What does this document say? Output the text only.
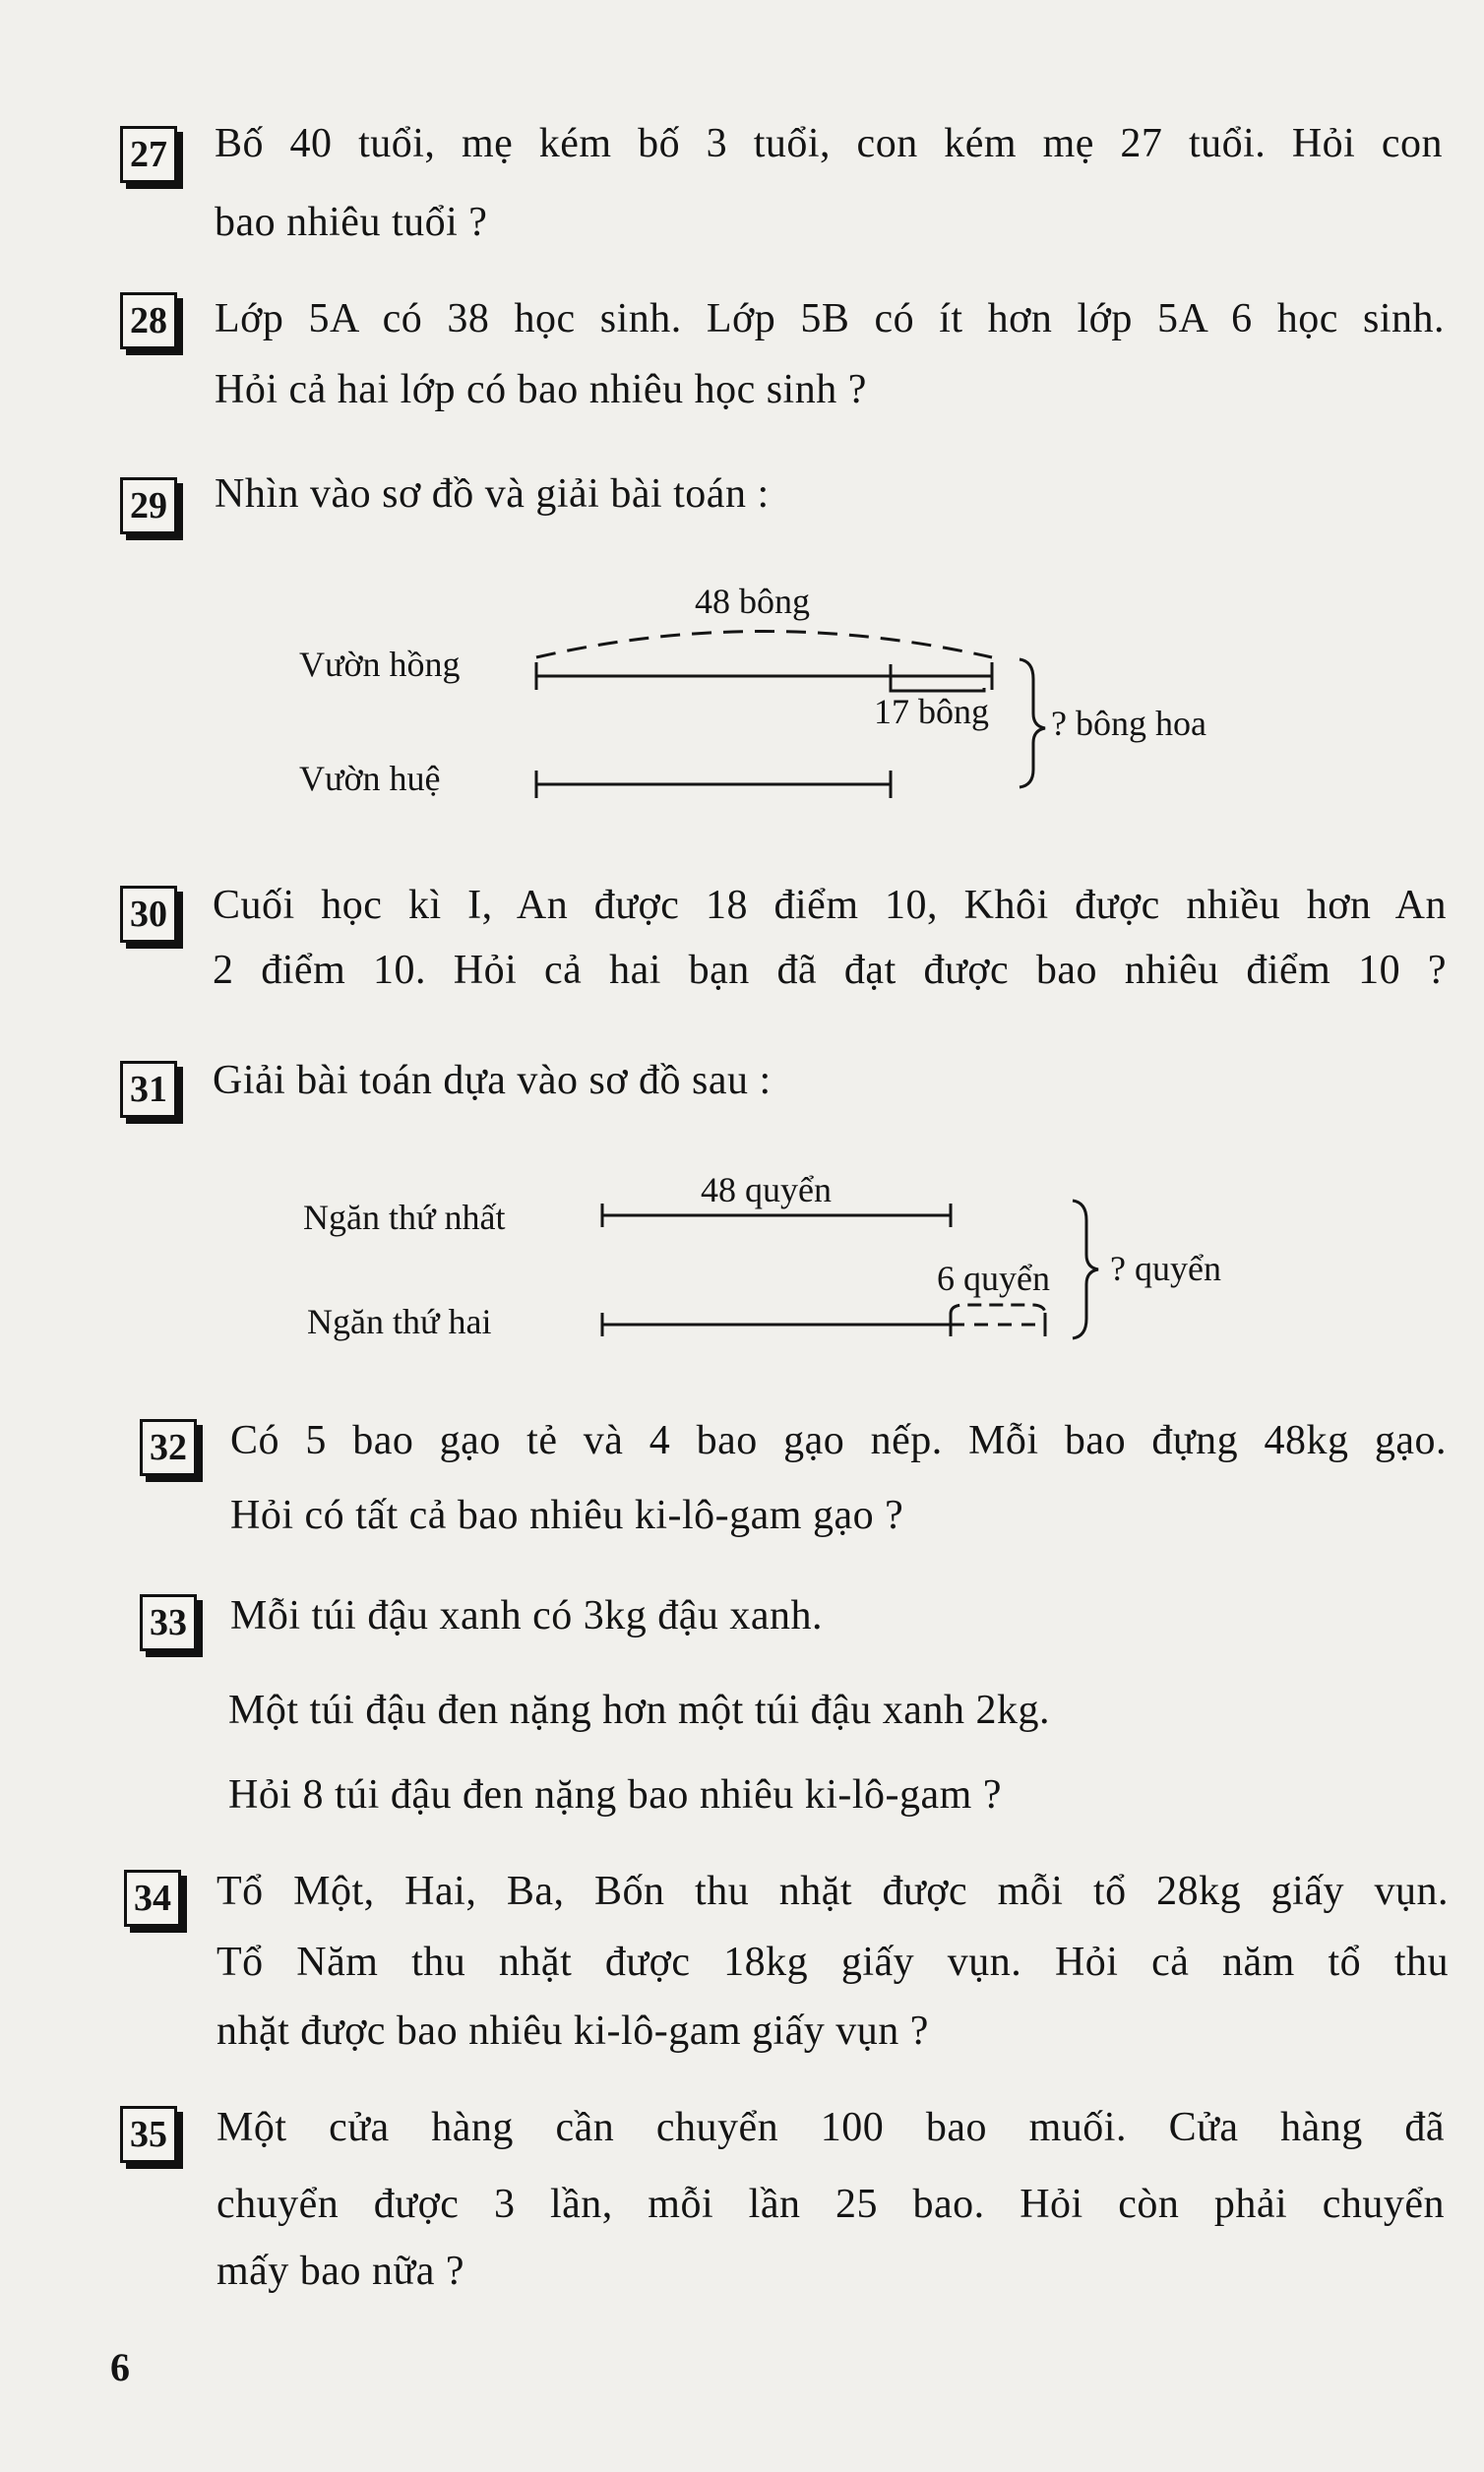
27 Bố 40 tuổi, mẹ kém bố 3 tuổi, con kém mẹ 27 tuổi. Hỏi con
bao nhiêu tuổi ?
28 Lớp 5A có 38 học sinh. Lớp 5B có ít hơn lớp 5A 6 học sinh.
Hỏi cả hai lớp có bao nhiêu học sinh ?
29 Nhìn vào sơ đồ và giải bài toán :
48 bông
Vườn hồng
17 bông ? bông hoa
Vườn huệ
30 Cuối học kì I, An được 18 điểm 10, Khôi được nhiều hơn An
2 điểm 10. Hỏi cả hai bạn đã đạt được bao nhiêu điểm 10 ?
31 Giải bài toán dựa vào sơ đồ sau :
48 quyển
Ngăn thứ nhất
6 quyển ? quyển
Ngăn thứ hai
32 Có 5 bao gạo tẻ và 4 bao gạo nếp. Mỗi bao đựng 48kg gạo.
Hỏi có tất cả bao nhiêu ki-lô-gam gạo ?
33 Mỗi túi đậu xanh có 3kg đậu xanh.
Một túi đậu đen nặng hơn một túi đậu xanh 2kg.
Hỏi 8 túi đậu đen nặng bao nhiêu ki-lô-gam ?
34 Tổ Một, Hai, Ba, Bốn thu nhặt được mỗi tổ 28kg giấy vụn.
Tổ Năm thu nhặt được 18kg giấy vụn. Hỏi cả năm tổ thu
nhặt được bao nhiêu ki-lô-gam giấy vụn ?
35 Một cửa hàng cần chuyển 100 bao muối. Cửa hàng đã
chuyển được 3 lần, mỗi lần 25 bao. Hỏi còn phải chuyển
mấy bao nữa ?
6
